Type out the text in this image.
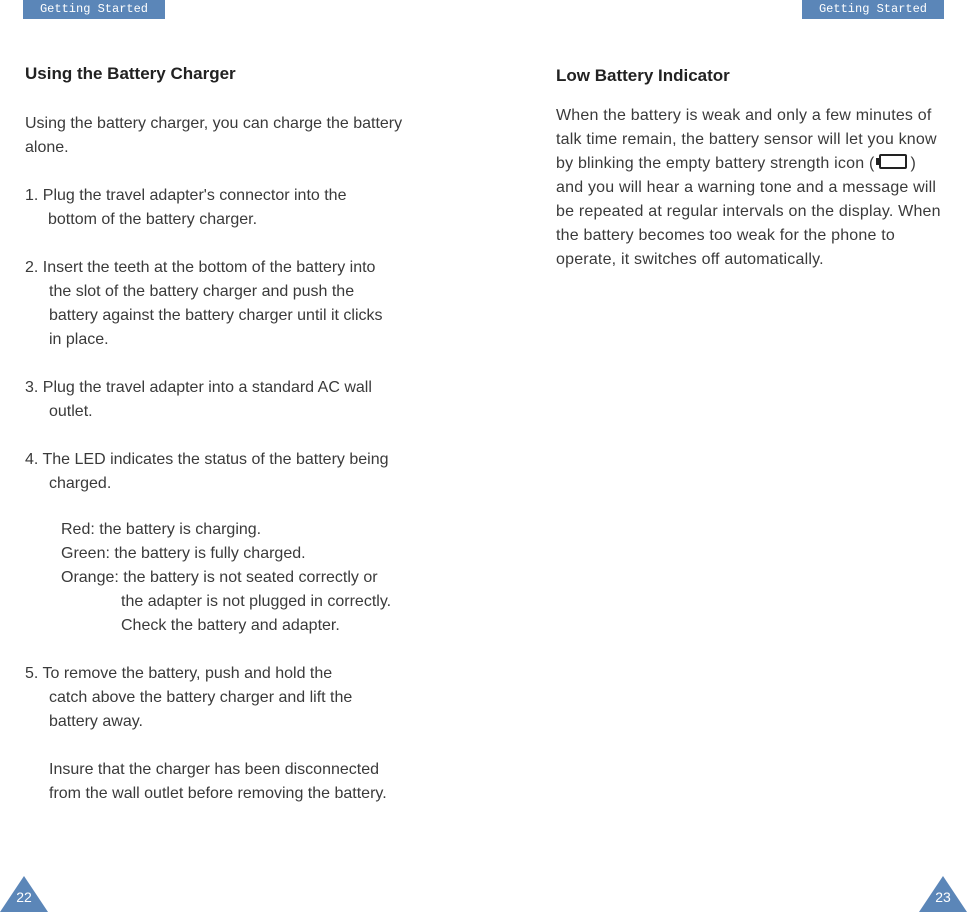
Getting Started	Getting Started
Using the Battery Charger
Using the battery charger, you can charge the battery
alone.
1. Plug the travel adapter's connector into the
bottom of the battery charger.
2. Insert the teeth at the bottom of the battery into
the slot of the battery charger and push the
battery against the battery charger until it clicks
in place.
3. Plug the travel adapter into a standard AC wall
outlet.
4. The LED indicates the status of the battery being
charged.
Red: the battery is charging.
Green: the battery is fully charged.
Orange: the battery is not seated correctly or
the adapter is not plugged in correctly.
Check the battery and adapter.
5. To remove the battery, push and hold the
catch above the battery charger and lift the
battery away.
Insure that the charger has been disconnected
from the wall outlet before removing the battery.
Low Battery Indicator
When the battery is weak and only a few minutes of
talk time remain, the battery sensor will let you know
by blinking the empty battery strength icon ( )
and you will hear a warning tone and a message will
be repeated at regular intervals on the display. When
the battery becomes too weak for the phone to
operate, it switches off automatically.
22	23
